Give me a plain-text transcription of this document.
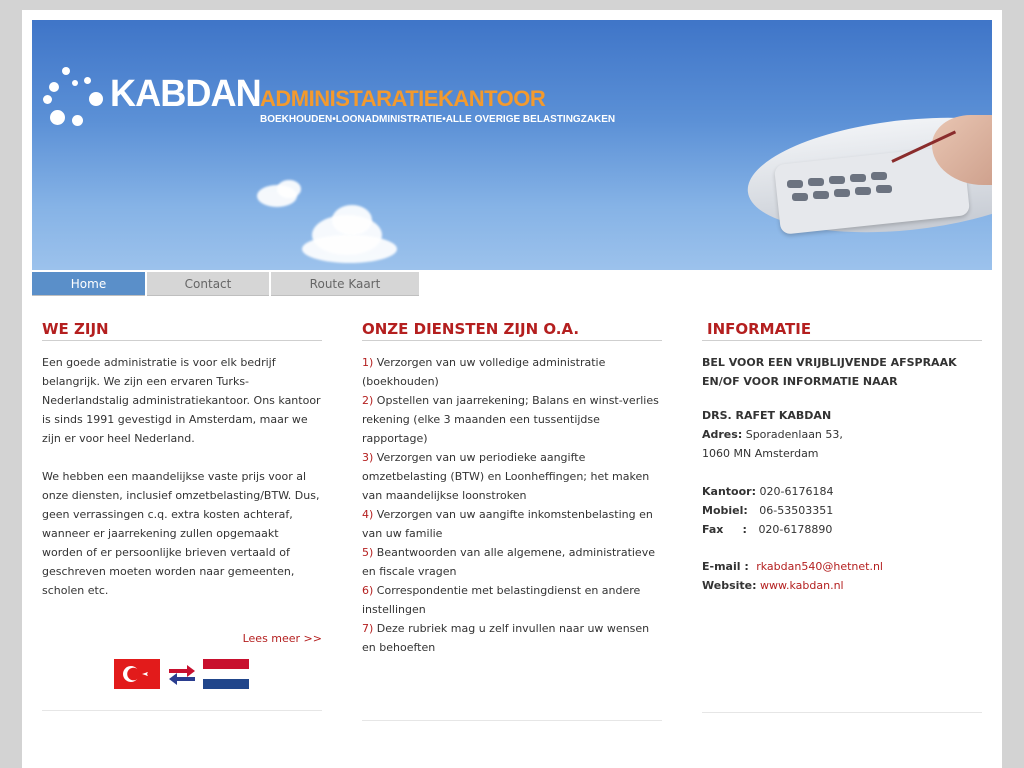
KABDAN ADMINISTARATIEKANTOOR
BOEKHOUDEN•LOONADMINISTRATIE•ALLE OVERIGE BELASTINGZAKEN
Home	Contact	Route Kaart
WE ZIJN
Een goede administratie is voor elk bedrijf belangrijk. We zijn een ervaren Turks-Nederlandstalig administratiekantoor. Ons kantoor is sinds 1991 gevestigd in Amsterdam, maar we zijn er voor heel Nederland.
We hebben een maandelijkse vaste prijs voor al onze diensten, inclusief omzetbelasting/BTW. Dus, geen verrassingen c.q. extra kosten achteraf, wanneer er jaarrekening zullen opgemaakt worden of er persoonlijke brieven vertaald of geschreven moeten worden naar gemeenten, scholen etc.
Lees meer >>
ONZE DIENSTEN ZIJN O.A.
1) Verzorgen van uw volledige administratie (boekhouden)
2) Opstellen van jaarrekening; Balans en winst-verlies rekening (elke 3 maanden een tussentijdse rapportage)
3) Verzorgen van uw periodieke aangifte omzetbelasting (BTW) en Loonheffingen; het maken van maandelijkse loonstroken
4) Verzorgen van uw aangifte inkomstenbelasting en van uw familie
5) Beantwoorden van alle algemene, administratieve en fiscale vragen
6) Correspondentie met belastingdienst en andere instellingen
7) Deze rubriek mag u zelf invullen naar uw wensen en behoeften
INFORMATIE
BEL VOOR EEN VRIJBLIJVENDE AFSPRAAK
EN/OF VOOR INFORMATIE NAAR
DRS. RAFET KABDAN
Adres: Sporadenlaan 53,
1060 MN Amsterdam
Kantoor: 020-6176184
Mobiel: 06-53503351
Fax     : 020-6178890
E-mail : rkabdan540@hetnet.nl
Website: www.kabdan.nl
